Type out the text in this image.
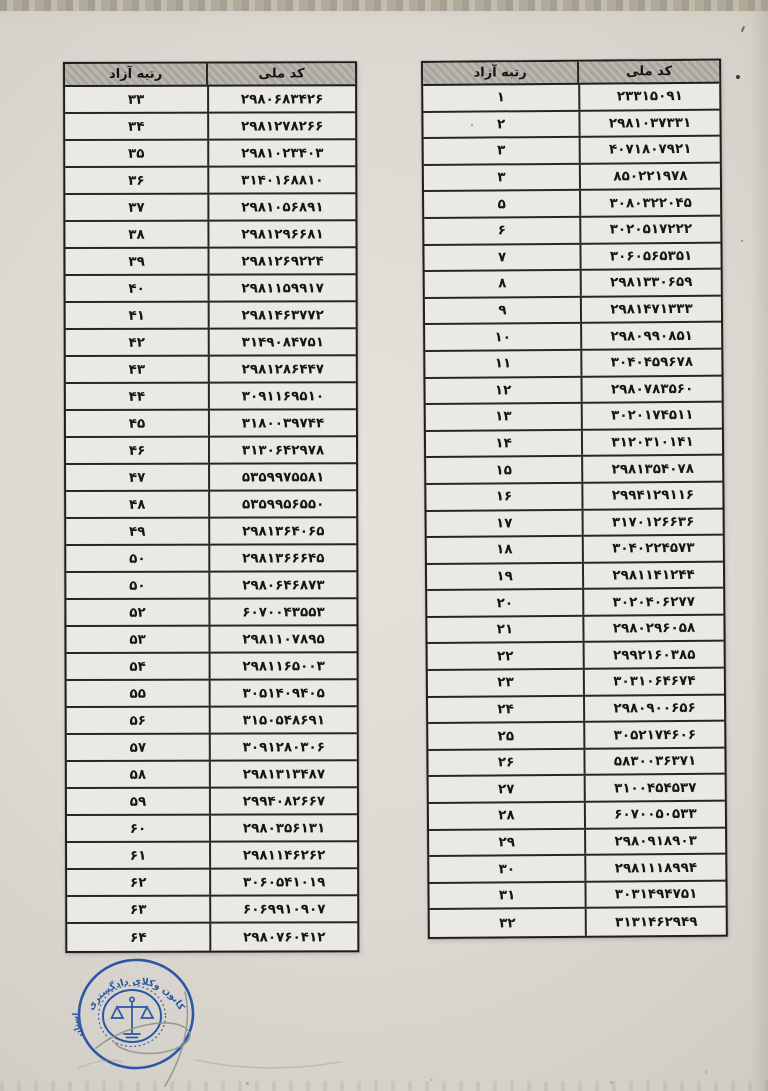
رتبه آزاد	کد ملی
۱	۲۳۳۱۵۰۹۱
۲	۲۹۸۱۰۳۷۳۳۱
۳	۴۰۷۱۸۰۷۹۲۱
۳	۸۵۰۲۲۱۹۷۸
۵	۳۰۸۰۳۲۲۰۴۵
۶	۳۰۲۰۵۱۷۲۲۲
۷	۳۰۶۰۵۶۵۳۵۱
۸	۲۹۸۱۳۳۰۶۵۹
۹	۲۹۸۱۴۷۱۳۳۳
۱۰	۲۹۸۰۹۹۰۸۵۱
۱۱	۳۰۴۰۴۵۹۶۷۸
۱۲	۲۹۸۰۷۸۳۵۶۰
۱۳	۳۰۲۰۱۷۴۵۱۱
۱۴	۳۱۲۰۳۱۰۱۴۱
۱۵	۲۹۸۱۳۵۴۰۷۸
۱۶	۲۹۹۴۱۲۹۱۱۶
۱۷	۳۱۷۰۱۲۶۶۳۶
۱۸	۳۰۴۰۲۲۴۵۷۳
۱۹	۲۹۸۱۱۴۱۲۴۴
۲۰	۳۰۲۰۴۰۶۲۷۷
۲۱	۲۹۸۰۲۹۶۰۵۸
۲۲	۲۹۹۲۱۶۰۳۸۵
۲۳	۳۰۳۱۰۶۴۶۷۴
۲۴	۲۹۸۰۹۰۰۶۵۶
۲۵	۳۰۵۲۱۷۴۶۰۶
۲۶	۵۸۳۰۰۳۶۳۷۱
۲۷	۳۱۰۰۴۵۴۵۳۷
۲۸	۶۰۷۰۰۵۰۵۳۳
۲۹	۲۹۸۰۹۱۸۹۰۳
۳۰	۲۹۸۱۱۱۸۹۹۴
۳۱	۳۰۳۱۴۹۴۷۵۱
۳۲	۳۱۳۱۴۶۲۹۴۹
رتبه آزاد	کد ملی
۳۳	۲۹۸۰۶۸۳۴۲۶
۳۴	۲۹۸۱۲۷۸۲۶۶
۳۵	۲۹۸۱۰۲۳۴۰۳
۳۶	۳۱۴۰۱۶۸۸۱۰
۳۷	۲۹۸۱۰۵۶۸۹۱
۳۸	۲۹۸۱۲۹۶۶۸۱
۳۹	۲۹۸۱۲۶۹۲۲۴
۴۰	۲۹۸۱۱۵۹۹۱۷
۴۱	۲۹۸۱۴۶۳۷۷۲
۴۲	۳۱۴۹۰۸۴۷۵۱
۴۳	۲۹۸۱۲۸۶۴۴۷
۴۴	۳۰۹۱۱۶۹۵۱۰
۴۵	۳۱۸۰۰۳۹۷۴۴
۴۶	۳۱۳۰۶۴۲۹۷۸
۴۷	۵۳۵۹۹۷۵۵۸۱
۴۸	۵۳۵۹۹۵۶۵۵۰
۴۹	۲۹۸۱۳۶۴۰۶۵
۵۰	۲۹۸۱۳۶۶۶۴۵
۵۰	۲۹۸۰۶۴۶۸۷۳
۵۲	۶۰۷۰۰۴۳۵۵۳
۵۳	۲۹۸۱۱۰۷۸۹۵
۵۴	۲۹۸۱۱۶۵۰۰۳
۵۵	۳۰۵۱۴۰۹۴۰۵
۵۶	۳۱۵۰۵۴۸۶۹۱
۵۷	۳۰۹۱۲۸۰۳۰۶
۵۸	۲۹۸۱۳۱۳۴۸۷
۵۹	۲۹۹۴۰۸۲۶۶۷
۶۰	۲۹۸۰۳۵۶۱۳۱
۶۱	۲۹۸۱۱۴۶۲۶۲
۶۲	۳۰۶۰۵۴۱۰۱۹
۶۳	۶۰۶۹۹۱۰۹۰۷
۶۴	۲۹۸۰۷۶۰۴۱۲
کانون وکلای دادگستری
استان
